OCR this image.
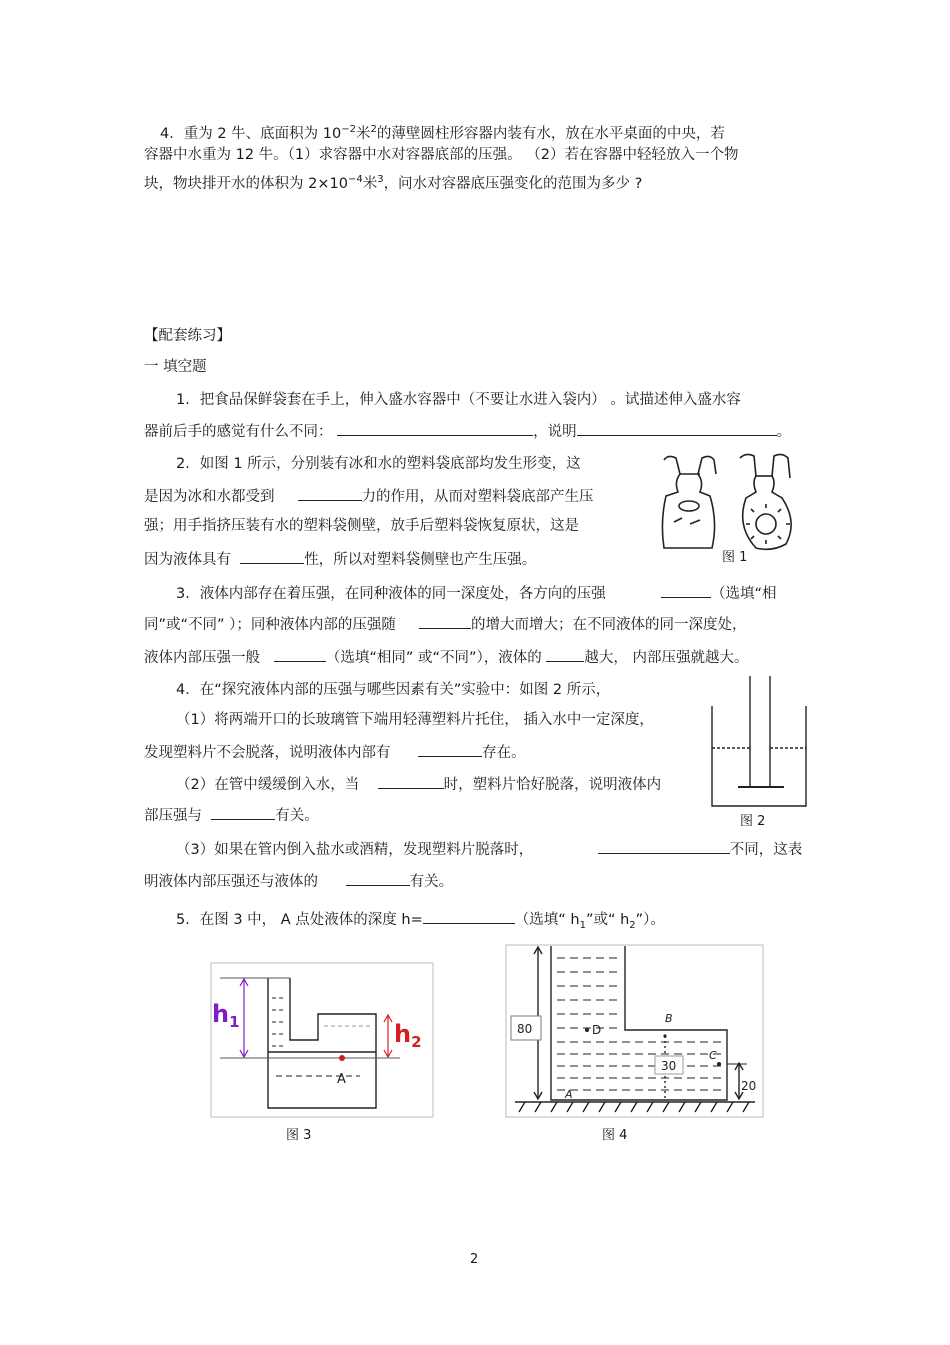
4．重为 2 牛、底面积为 $10^{-2}$米$^2$的薄壁圆柱形容器内装有水，放在水平桌面的中央，若
容器中水重为 12 牛。（1）求容器中水对容器底部的压强。 （2）若在容器中轻轻放入一个物
块，物块排开水的体积为 $2\times 10^{-4}$米$^3$，问水对容器底压强变化的范围为多少 ?
【配套练习】
一 填空题
1．把食品保鲜袋套在手上，伸入盛水容器中（不要让水进入袋内） 。试描述伸入盛水容
器前后手的感觉有什么不同：	，说明	。
2．如图 1 所示，分别装有冰和水的塑料袋底部均发生形变，这
是因为冰和水都受到	力的作用，从而对塑料袋底部产生压
强；用手指挤压装有水的塑料袋侧壁，放手后塑料袋恢复原状，这是
因为液体具有	性，所以对塑料袋侧壁也产生压强。	图 1
3．液体内部存在着压强，在同种液体的同一深度处，各方向的压强	（选填“相
同”或“不同” ）；同种液体内部的压强随	的增大而增大；在不同液体的同一深度处，
液体内部压强一般	（选填“相同” 或“不同”），液体的	越大， 内部压强就越大。
4．在“探究液体内部的压强与哪些因素有关”实验中：如图 2 所示，
（1）将两端开口的长玻璃管下端用轻薄塑料片托住， 插入水中一定深度，
发现塑料片不会脱落，说明液体内部有	存在。
（2）在管中缓缓倒入水，当	时，塑料片恰好脱落，说明液体内
部压强与	有关。
（3）如果在管内倒入盐水或酒精，发现塑料片脱落时，	不同，这表
明液体内部压强还与液体的	有关。
图 2
5．在图 3 中， A 点处液体的深度 h=	（选填“ $h_1$”或“ $h_2$”）。
$h_1$	$h_2$
A
图 3
80
30
20
D
B
C
A
图 4
2
